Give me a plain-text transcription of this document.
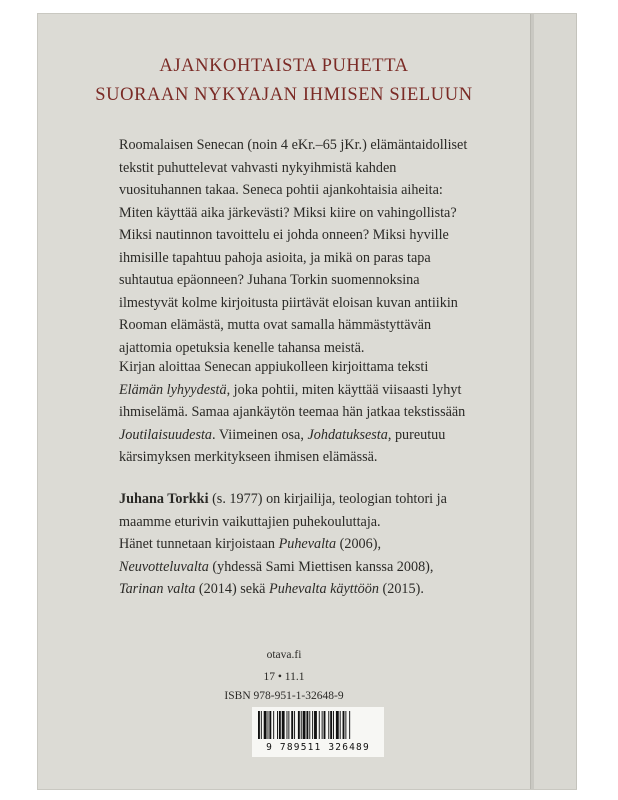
AJANKOHTAISTA PUHETTA
SUORAAN NYKYAJAN IHMISEN SIELUUN
Roomalaisen Senecan (noin 4 eKr.–65 jKr.) elämäntaidolliset
tekstit puhuttelevat vahvasti nykyihmistä kahden
vuosituhannen takaa. Seneca pohtii ajankohtaisia aiheita:
Miten käyttää aika järkevästi? Miksi kiire on vahingollista?
Miksi nautinnon tavoittelu ei johda onneen? Miksi hyville
ihmisille tapahtuu pahoja asioita, ja mikä on paras tapa
suhtautua epäonneen? Juhana Torkin suomennoksina
ilmestyvät kolme kirjoitusta piirtävät eloisan kuvan antiikin
Rooman elämästä, mutta ovat samalla hämmästyttävän
ajattomia opetuksia kenelle tahansa meistä.
Kirjan aloittaa Senecan appiukolleen kirjoittama teksti
Elämän lyhyydestä, joka pohtii, miten käyttää viisaasti lyhyt
ihmiselämä. Samaa ajankäytön teemaa hän jatkaa tekstissään
Joutilaisuudesta. Viimeinen osa, Johdatuksesta, pureutuu
kärsimyksen merkitykseen ihmisen elämässä.
Juhana Torkki (s. 1977) on kirjailija, teologian tohtori ja
maamme eturivin vaikuttajien puhekouluttaja.
Hänet tunnetaan kirjoistaan Puhevalta (2006),
Neuvotteluvalta (yhdessä Sami Miettisen kanssa 2008),
Tarinan valta (2014) sekä Puhevalta käyttöön (2015).
otava.fi
17 • 11.1
ISBN 978-951-1-32648-9
9 789511 326489
